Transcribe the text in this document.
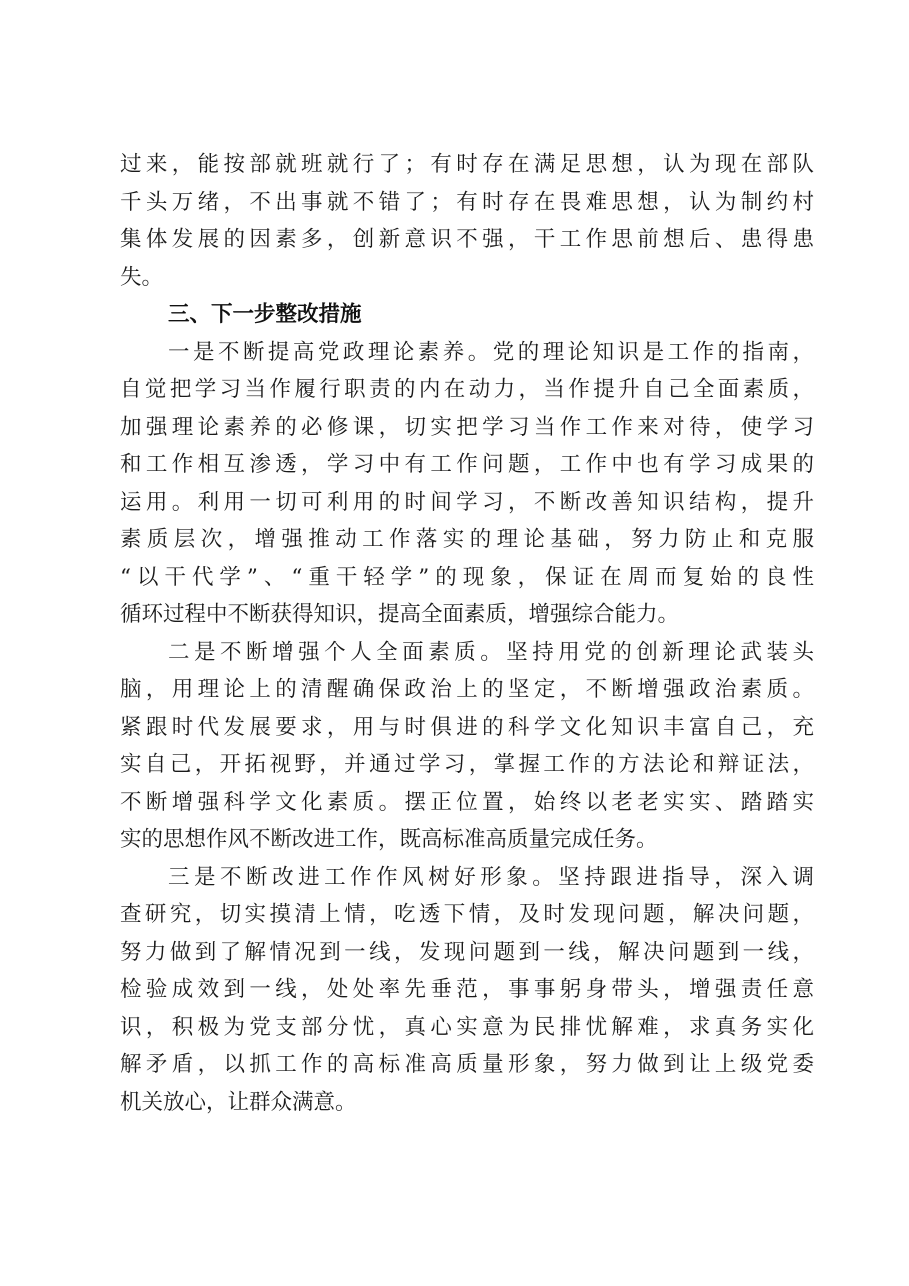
过来，能按部就班就行了；有时存在满足思想，认为现在部队
千头万绪，不出事就不错了；有时存在畏难思想，认为制约村
集体发展的因素多，创新意识不强，干工作思前想后、患得患
失。
三、下一步整改措施
一是不断提高党政理论素养。党的理论知识是工作的指南，
自觉把学习当作履行职责的内在动力，当作提升自己全面素质，
加强理论素养的必修课，切实把学习当作工作来对待，使学习
和工作相互渗透，学习中有工作问题，工作中也有学习成果的
运用。利用一切可利用的时间学习，不断改善知识结构，提升
素质层次，增强推动工作落实的理论基础，努力防止和克服
“以干代学”、“重干轻学”的现象，保证在周而复始的良性
循环过程中不断获得知识，提高全面素质，增强综合能力。
二是不断增强个人全面素质。坚持用党的创新理论武装头
脑，用理论上的清醒确保政治上的坚定，不断增强政治素质。
紧跟时代发展要求，用与时俱进的科学文化知识丰富自己，充
实自己，开拓视野，并通过学习，掌握工作的方法论和辩证法，
不断增强科学文化素质。摆正位置，始终以老老实实、踏踏实
实的思想作风不断改进工作，既高标准高质量完成任务。
三是不断改进工作作风树好形象。坚持跟进指导，深入调
查研究，切实摸清上情，吃透下情，及时发现问题，解决问题，
努力做到了解情况到一线，发现问题到一线，解决问题到一线，
检验成效到一线，处处率先垂范，事事躬身带头，增强责任意
识，积极为党支部分忧，真心实意为民排忧解难，求真务实化
解矛盾，以抓工作的高标准高质量形象，努力做到让上级党委
机关放心，让群众满意。
